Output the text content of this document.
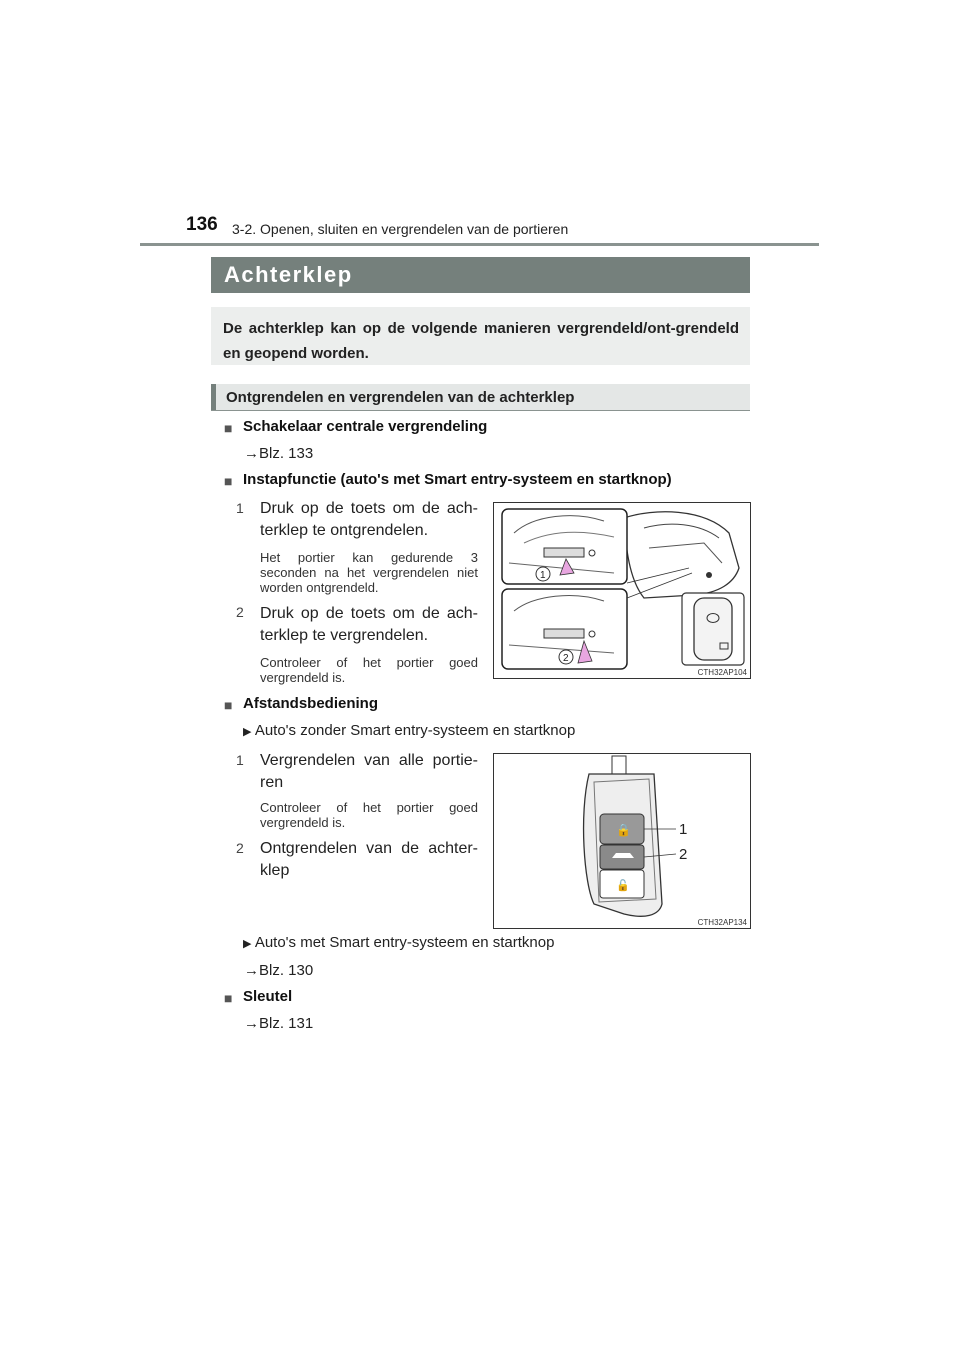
136 3-2. Openen, sluiten en vergrendelen van de portieren
Achterklep
De achterklep kan op de volgende manieren vergrendeld/ont-grendeld en geopend worden.
Ontgrendelen en vergrendelen van de achterklep
■ Schakelaar centrale vergrendeling
→Blz. 133
■ Instapfunctie (auto's met Smart entry-systeem en startknop)
1 Druk op de toets om de ach-terklep te ontgrendelen.
Het portier kan gedurende 3 seconden na het vergrendelen niet worden ontgrendeld.
2 Druk op de toets om de ach-terklep te vergrendelen.
Controleer of het portier goed vergrendeld is.
1
2
CTH32AP104
■ Afstandsbediening
▶ Auto's zonder Smart entry-systeem en startknop
1 Vergrendelen van alle portie-ren
Controleer of het portier goed vergrendeld is.
2 Ontgrendelen van de achter-klep
🔒
🔓
1
2
CTH32AP134
▶ Auto's met Smart entry-systeem en startknop
→Blz. 130
■ Sleutel
→Blz. 131
